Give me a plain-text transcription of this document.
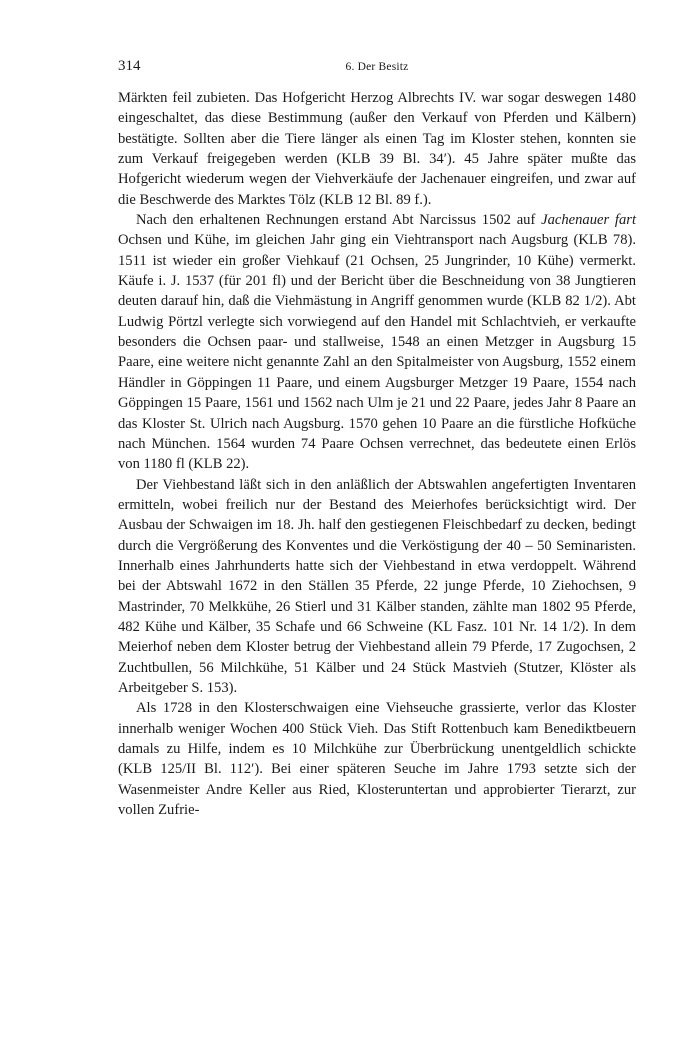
314	6. Der Besitz

Märkten feil zubieten. Das Hofgericht Herzog Albrechts IV. war sogar deswegen 1480 eingeschaltet, das diese Bestimmung (außer den Verkauf von Pferden und Kälbern) bestätigte. Sollten aber die Tiere länger als einen Tag im Kloster stehen, konnten sie zum Verkauf freigegeben werden (KLB 39 Bl. 34′). 45 Jahre später mußte das Hofgericht wiederum wegen der Viehverkäufe der Jachenauer eingreifen, und zwar auf die Beschwerde des Marktes Tölz (KLB 12 Bl. 89 f.).

Nach den erhaltenen Rechnungen erstand Abt Narcissus 1502 auf Jachenauer fart Ochsen und Kühe, im gleichen Jahr ging ein Viehtransport nach Augsburg (KLB 78). 1511 ist wieder ein großer Viehkauf (21 Ochsen, 25 Jungrinder, 10 Kühe) vermerkt. Käufe i. J. 1537 (für 201 fl) und der Bericht über die Beschneidung von 38 Jungtieren deuten darauf hin, daß die Viehmästung in Angriff genommen wurde (KLB 82 1/2). Abt Ludwig Pörtzl verlegte sich vorwiegend auf den Handel mit Schlachtvieh, er verkaufte besonders die Ochsen paar- und stallweise, 1548 an einen Metzger in Augsburg 15 Paare, eine weitere nicht genannte Zahl an den Spitalmeister von Augsburg, 1552 einem Händler in Göppingen 11 Paare, und einem Augsburger Metzger 19 Paare, 1554 nach Göppingen 15 Paare, 1561 und 1562 nach Ulm je 21 und 22 Paare, jedes Jahr 8 Paare an das Kloster St. Ulrich nach Augsburg. 1570 gehen 10 Paare an die fürstliche Hofküche nach München. 1564 wurden 74 Paare Ochsen verrechnet, das bedeutete einen Erlös von 1180 fl (KLB 22).

Der Viehbestand läßt sich in den anläßlich der Abtswahlen angefertigten Inventaren ermitteln, wobei freilich nur der Bestand des Meierhofes berücksichtigt wird. Der Ausbau der Schwaigen im 18. Jh. half den gestiegenen Fleischbedarf zu decken, bedingt durch die Vergrößerung des Konventes und die Verköstigung der 40 – 50 Seminaristen. Innerhalb eines Jahrhunderts hatte sich der Viehbestand in etwa verdoppelt. Während bei der Abtswahl 1672 in den Ställen 35 Pferde, 22 junge Pferde, 10 Ziehochsen, 9 Mastrinder, 70 Melkkühe, 26 Stierl und 31 Kälber standen, zählte man 1802 95 Pferde, 482 Kühe und Kälber, 35 Schafe und 66 Schweine (KL Fasz. 101 Nr. 14 1/2). In dem Meierhof neben dem Kloster betrug der Viehbestand allein 79 Pferde, 17 Zugochsen, 2 Zuchtbullen, 56 Milchkühe, 51 Kälber und 24 Stück Mastvieh (Stutzer, Klöster als Arbeitgeber S. 153).

Als 1728 in den Klosterschwaigen eine Viehseuche grassierte, verlor das Kloster innerhalb weniger Wochen 400 Stück Vieh. Das Stift Rottenbuch kam Benediktbeuern damals zu Hilfe, indem es 10 Milchkühe zur Überbrückung unentgeldlich schickte (KLB 125/II Bl. 112′). Bei einer späteren Seuche im Jahre 1793 setzte sich der Wasenmeister Andre Keller aus Ried, Klosteruntertan und approbierter Tierarzt, zur vollen Zufrie-
